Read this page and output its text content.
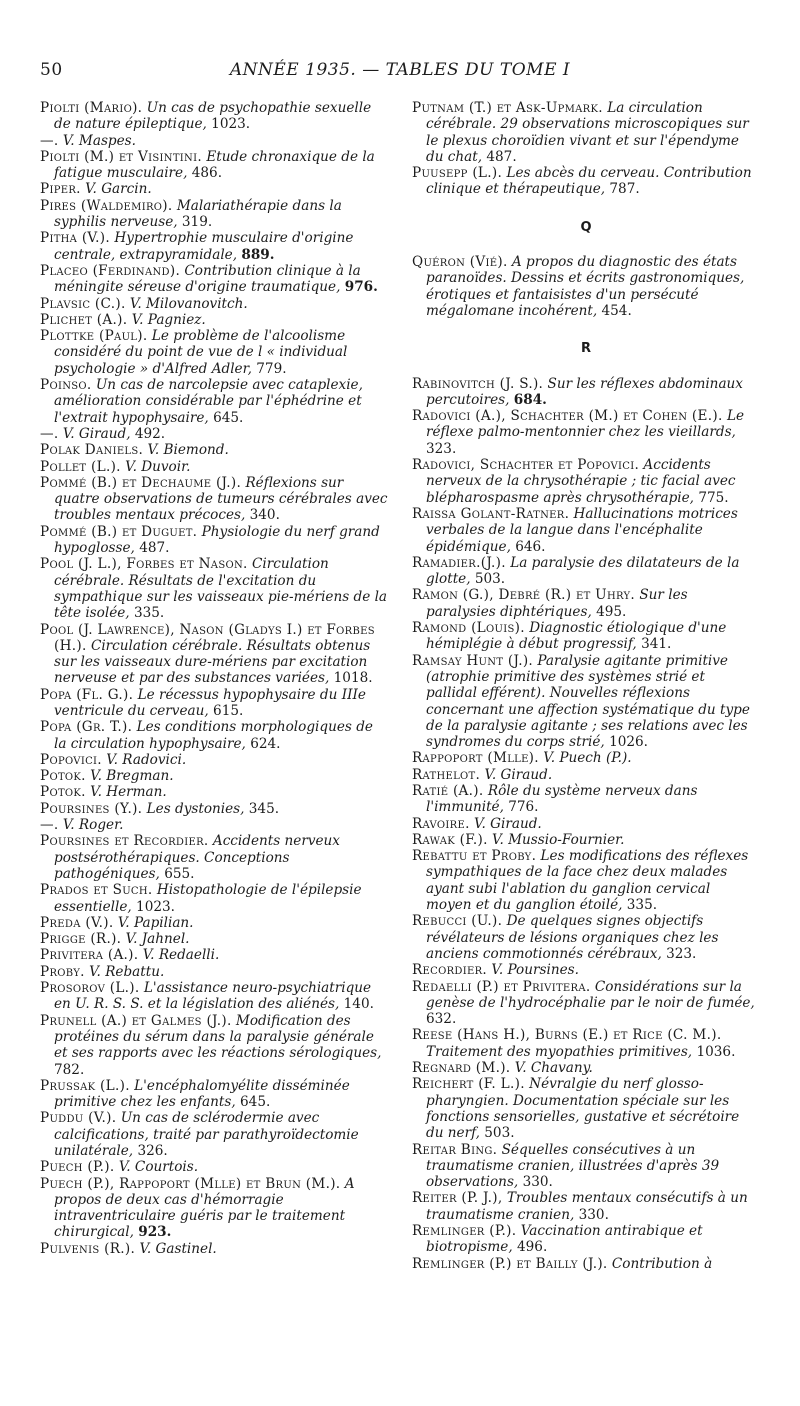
50	ANNÉE 1935. — TABLES DU TOME I

Piolti (Mario). Un cas de psychopathie sexuelle de nature épileptique, 1023.

—. V. Maspes.

Piolti (M.) et Visintini. Etude chronaxique de la fatigue musculaire, 486.

Piper. V. Garcin.

Pires (Waldemiro). Malariathérapie dans la syphilis nerveuse, 319.

Pitha (V.). Hypertrophie musculaire d'origine centrale, extrapyramidale, 889.

Placeo (Ferdinand). Contribution clinique à la méningite séreuse d'origine traumatique, 976.

Plavsic (C.). V. Milovanovitch.

Plichet (A.). V. Pagniez.

Plottke (Paul). Le problème de l'alcoolisme considéré du point de vue de l « individual psychologie » d'Alfred Adler, 779.

Poinso. Un cas de narcolepsie avec cataplexie, amélioration considérable par l'éphédrine et l'extrait hypophysaire, 645.

—. V. Giraud, 492.

Polak Daniels. V. Biemond.

Pollet (L.). V. Duvoir.

Pommé (B.) et Dechaume (J.). Réflexions sur quatre observations de tumeurs cérébrales avec troubles mentaux précoces, 340.

Pommé (B.) et Duguet. Physiologie du nerf grand hypoglosse, 487.

Pool (J. L.), Forbes et Nason. Circulation cérébrale. Résultats de l'excitation du sympathique sur les vaisseaux pie-mériens de la tête isolée, 335.

Pool (J. Lawrence), Nason (Gladys I.) et Forbes (H.). Circulation cérébrale. Résultats obtenus sur les vaisseaux dure-mériens par excitation nerveuse et par des substances variées, 1018.

Popa (Fl. G.). Le récessus hypophysaire du IIIe ventricule du cerveau, 615.

Popa (Gr. T.). Les conditions morphologiques de la circulation hypophysaire, 624.

Popovici. V. Radovici.

Potok. V. Bregman.

Potok. V. Herman.

Poursines (Y.). Les dystonies, 345.

—. V. Roger.

Poursines et Recordier. Accidents nerveux postsérothérapiques. Conceptions pathogéniques, 655.

Prados et Such. Histopathologie de l'épilepsie essentielle, 1023.

Preda (V.). V. Papilian.

Prigge (R.). V. Jahnel.

Privitera (A.). V. Redaelli.

Proby. V. Rebattu.

Prosorov (L.). L'assistance neuro-psychiatrique en U. R. S. S. et la législation des aliénés, 140.

Prunell (A.) et Galmes (J.). Modification des protéines du sérum dans la paralysie générale et ses rapports avec les réactions sérologiques, 782.

Prussak (L.). L'encéphalomyélite disséminée primitive chez les enfants, 645.

Puddu (V.). Un cas de sclérodermie avec calcifications, traité par parathyroïdectomie unilatérale, 326.

Puech (P.). V. Courtois.

Puech (P.), Rappoport (Mlle) et Brun (M.). A propos de deux cas d'hémorragie intraventriculaire guéris par le traitement chirurgical, 923.

Pulvenis (R.). V. Gastinel.

Putnam (T.) et Ask-Upmark. La circulation cérébrale. 29 observations microscopiques sur le plexus choroïdien vivant et sur l'épendyme du chat, 487.

Puusepp (L.). Les abcès du cerveau. Contribution clinique et thérapeutique, 787.

Q

Quéron (Vié). A propos du diagnostic des états paranoïdes. Dessins et écrits gastronomiques, érotiques et fantaisistes d'un persécuté mégalomane incohérent, 454.

R

Rabinovitch (J. S.). Sur les réflexes abdominaux percutoires, 684.

Radovici (A.), Schachter (M.) et Cohen (E.). Le réflexe palmo-mentonnier chez les vieillards, 323.

Radovici, Schachter et Popovici. Accidents nerveux de la chrysothérapie ; tic facial avec blépharospasme après chrysothérapie, 775.

Raissa Golant-Ratner. Hallucinations motrices verbales de la langue dans l'encéphalite épidémique, 646.

Ramadier.(J.). La paralysie des dilatateurs de la glotte, 503.

Ramon (G.), Debré (R.) et Uhry. Sur les paralysies diphtériques, 495.

Ramond (Louis). Diagnostic étiologique d'une hémiplégie à début progressif, 341.

Ramsay Hunt (J.). Paralysie agitante primitive (atrophie primitive des systèmes strié et pallidal efférent). Nouvelles réflexions concernant une affection systématique du type de la paralysie agitante ; ses relations avec les syndromes du corps strié, 1026.

Rappoport (Mlle). V. Puech (P.).

Rathelot. V. Giraud.

Ratié (A.). Rôle du système nerveux dans l'immunité, 776.

Ravoire. V. Giraud.

Rawak (F.). V. Mussio-Fournier.

Rebattu et Proby. Les modifications des réflexes sympathiques de la face chez deux malades ayant subi l'ablation du ganglion cervical moyen et du ganglion étoilé, 335.

Rebucci (U.). De quelques signes objectifs révélateurs de lésions organiques chez les anciens commotionnés cérébraux, 323.

Recordier. V. Poursines.

Redaelli (P.) et Privitera. Considérations sur la genèse de l'hydrocéphalie par le noir de fumée, 632.

Reese (Hans H.), Burns (E.) et Rice (C. M.). Traitement des myopathies primitives, 1036.

Regnard (M.). V. Chavany.

Reichert (F. L.). Névralgie du nerf glosso-pharyngien. Documentation spéciale sur les fonctions sensorielles, gustative et sécrétoire du nerf, 503.

Reitar Bing. Séquelles consécutives à un traumatisme cranien, illustrées d'après 39 observations, 330.

Reiter (P. J.), Troubles mentaux consécutifs à un traumatisme cranien, 330.

Remlinger (P.). Vaccination antirabique et biotropisme, 496.

Remlinger (P.) et Bailly (J.). Contribution à
